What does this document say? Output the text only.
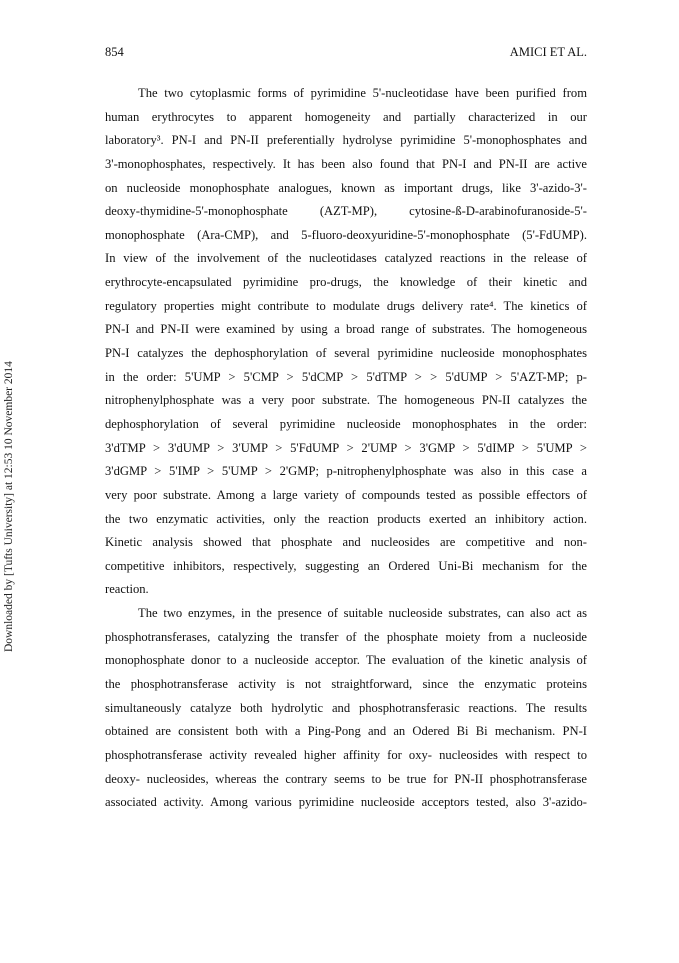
854	AMICI ET AL.
Downloaded by [Tufts University] at 12:53 10 November 2014
The two cytoplasmic forms of pyrimidine 5'-nucleotidase have been purified from
human erythrocytes to apparent homogeneity and partially characterized in our
laboratory³. PN-I and PN-II preferentially hydrolyse pyrimidine 5'-monophosphates and
3'-monophosphates, respectively. It has been also found that PN-I and PN-II are active
on nucleoside monophosphate analogues, known as important drugs, like 3'-azido-3'-
deoxy-thymidine-5'-monophosphate (AZT-MP), cytosine-ß-D-arabinofuranoside-5'-
monophosphate (Ara-CMP), and 5-fluoro-deoxyuridine-5'-monophosphate (5'-FdUMP).
In view of the involvement of the nucleotidases catalyzed reactions in the release of
erythrocyte-encapsulated pyrimidine pro-drugs, the knowledge of their kinetic and
regulatory properties might contribute to modulate drugs delivery rate⁴. The kinetics of
PN-I and PN-II were examined by using a broad range of substrates. The homogeneous
PN-I catalyzes the dephosphorylation of several pyrimidine nucleoside monophosphates
in the order: 5'UMP > 5'CMP > 5'dCMP > 5'dTMP > > 5'dUMP > 5'AZT-MP; p-
nitrophenylphosphate was a very poor substrate. The homogeneous PN-II catalyzes the
dephosphorylation of several pyrimidine nucleoside monophosphates in the order:
3'dTMP > 3'dUMP > 3'UMP > 5'FdUMP > 2'UMP > 3'GMP > 5'dIMP > 5'UMP >
3'dGMP > 5'IMP > 5'UMP > 2'GMP; p-nitrophenylphosphate was also in this case a
very poor substrate. Among a large variety of compounds tested as possible effectors of
the two enzymatic activities, only the reaction products exerted an inhibitory action.
Kinetic analysis showed that phosphate and nucleosides are competitive and non-
competitive inhibitors, respectively, suggesting an Ordered Uni-Bi mechanism for the
reaction.
The two enzymes, in the presence of suitable nucleoside substrates, can also act as
phosphotransferases, catalyzing the transfer of the phosphate moiety from a nucleoside
monophosphate donor to a nucleoside acceptor. The evaluation of the kinetic analysis of
the phosphotransferase activity is not straightforward, since the enzymatic proteins
simultaneously catalyze both hydrolytic and phosphotransferasic reactions. The results
obtained are consistent both with a Ping-Pong and an Odered Bi Bi mechanism. PN-I
phosphotransferase activity revealed higher affinity for oxy- nucleosides with respect to
deoxy- nucleosides, whereas the contrary seems to be true for PN-II phosphotransferase
associated activity. Among various pyrimidine nucleoside acceptors tested, also 3'-azido-
